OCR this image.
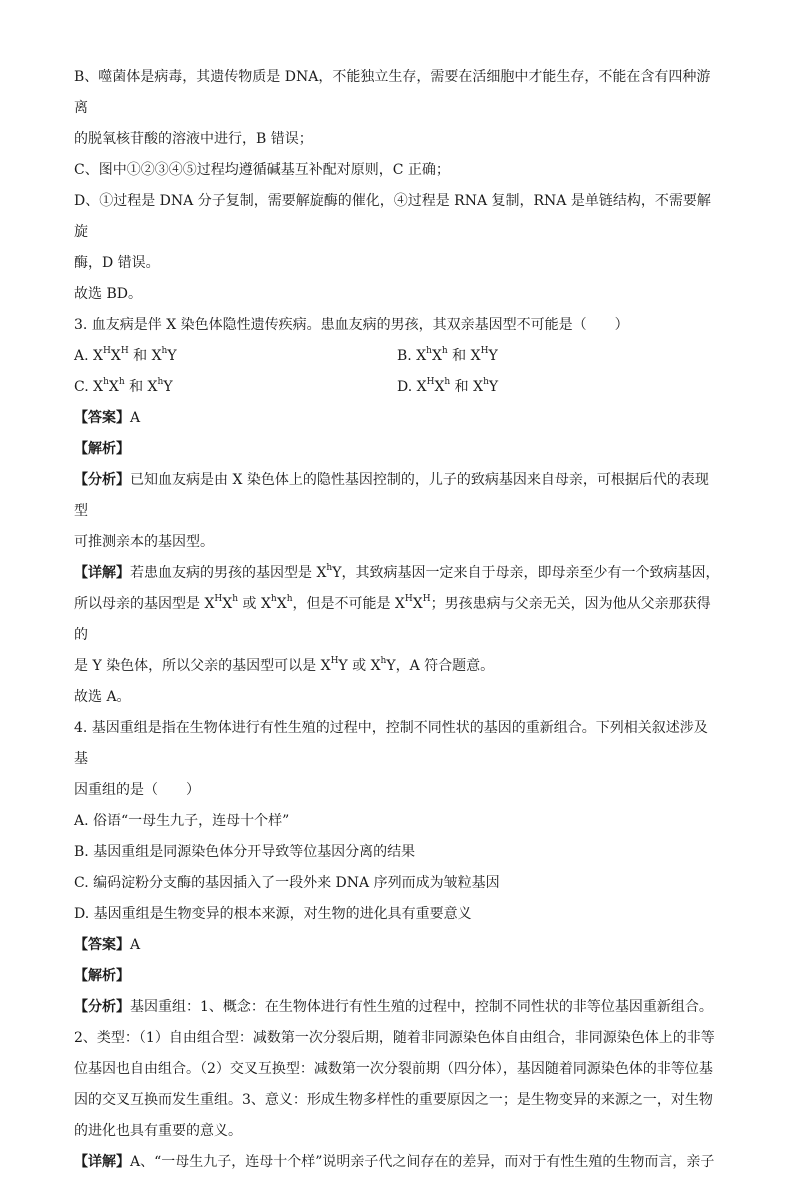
B、噬菌体是病毒，其遗传物质是 DNA，不能独立生存，需要在活细胞中才能生存，不能在含有四种游离

的脱氧核苷酸的溶液中进行，B 错误；

C、图中①②③④⑤过程均遵循碱基互补配对原则，C 正确；

D、①过程是 DNA 分子复制，需要解旋酶的催化，④过程是 RNA 复制，RNA 是单链结构，不需要解旋

酶，D 错误。

故选 BD。

3. 血友病是伴 X 染色体隐性遗传疾病。患血友病的男孩，其双亲基因型不可能是（　　）

A. $X^HX^H$ 和 $X^hY$	B. $X^hX^h$ 和 $X^HY$
C. $X^hX^h$ 和 $X^hY$	D. $X^HX^h$ 和 $X^hY$

【答案】A

【解析】

【分析】已知血友病是由 X 染色体上的隐性基因控制的，儿子的致病基因来自母亲，可根据后代的表现型

可推测亲本的基因型。

【详解】若患血友病的男孩的基因型是 $X^hY$，其致病基因一定来自于母亲，即母亲至少有一个致病基因，

所以母亲的基因型是 $X^HX^h$ 或 $X^hX^h$，但是不可能是 $X^HX^H$；男孩患病与父亲无关，因为他从父亲那获得的

是 Y 染色体，所以父亲的基因型可以是 $X^HY$ 或 $X^hY$，A 符合题意。

故选 A。

4. 基因重组是指在生物体进行有性生殖的过程中，控制不同性状的基因的重新组合。下列相关叙述涉及基

因重组的是（　　）

A. 俗语“一母生九子，连母十个样”

B. 基因重组是同源染色体分开导致等位基因分离的结果

C. 编码淀粉分支酶的基因插入了一段外来 DNA 序列而成为皱粒基因

D. 基因重组是生物变异的根本来源，对生物的进化具有重要意义

【答案】A

【解析】

【分析】基因重组：1、概念：在生物体进行有性生殖的过程中，控制不同性状的非等位基因重新组合。

2、类型：（1）自由组合型：减数第一次分裂后期，随着非同源染色体自由组合，非同源染色体上的非等

位基因也自由组合。（2）交叉互换型：减数第一次分裂前期（四分体），基因随着同源染色体的非等位基

因的交叉互换而发生重组。3、意义：形成生物多样性的重要原因之一；是生物变异的来源之一，对生物

的进化也具有重要的意义。

【详解】A、“一母生九子，连母十个样”说明亲子代之间存在的差异，而对于有性生殖的生物而言，亲子
